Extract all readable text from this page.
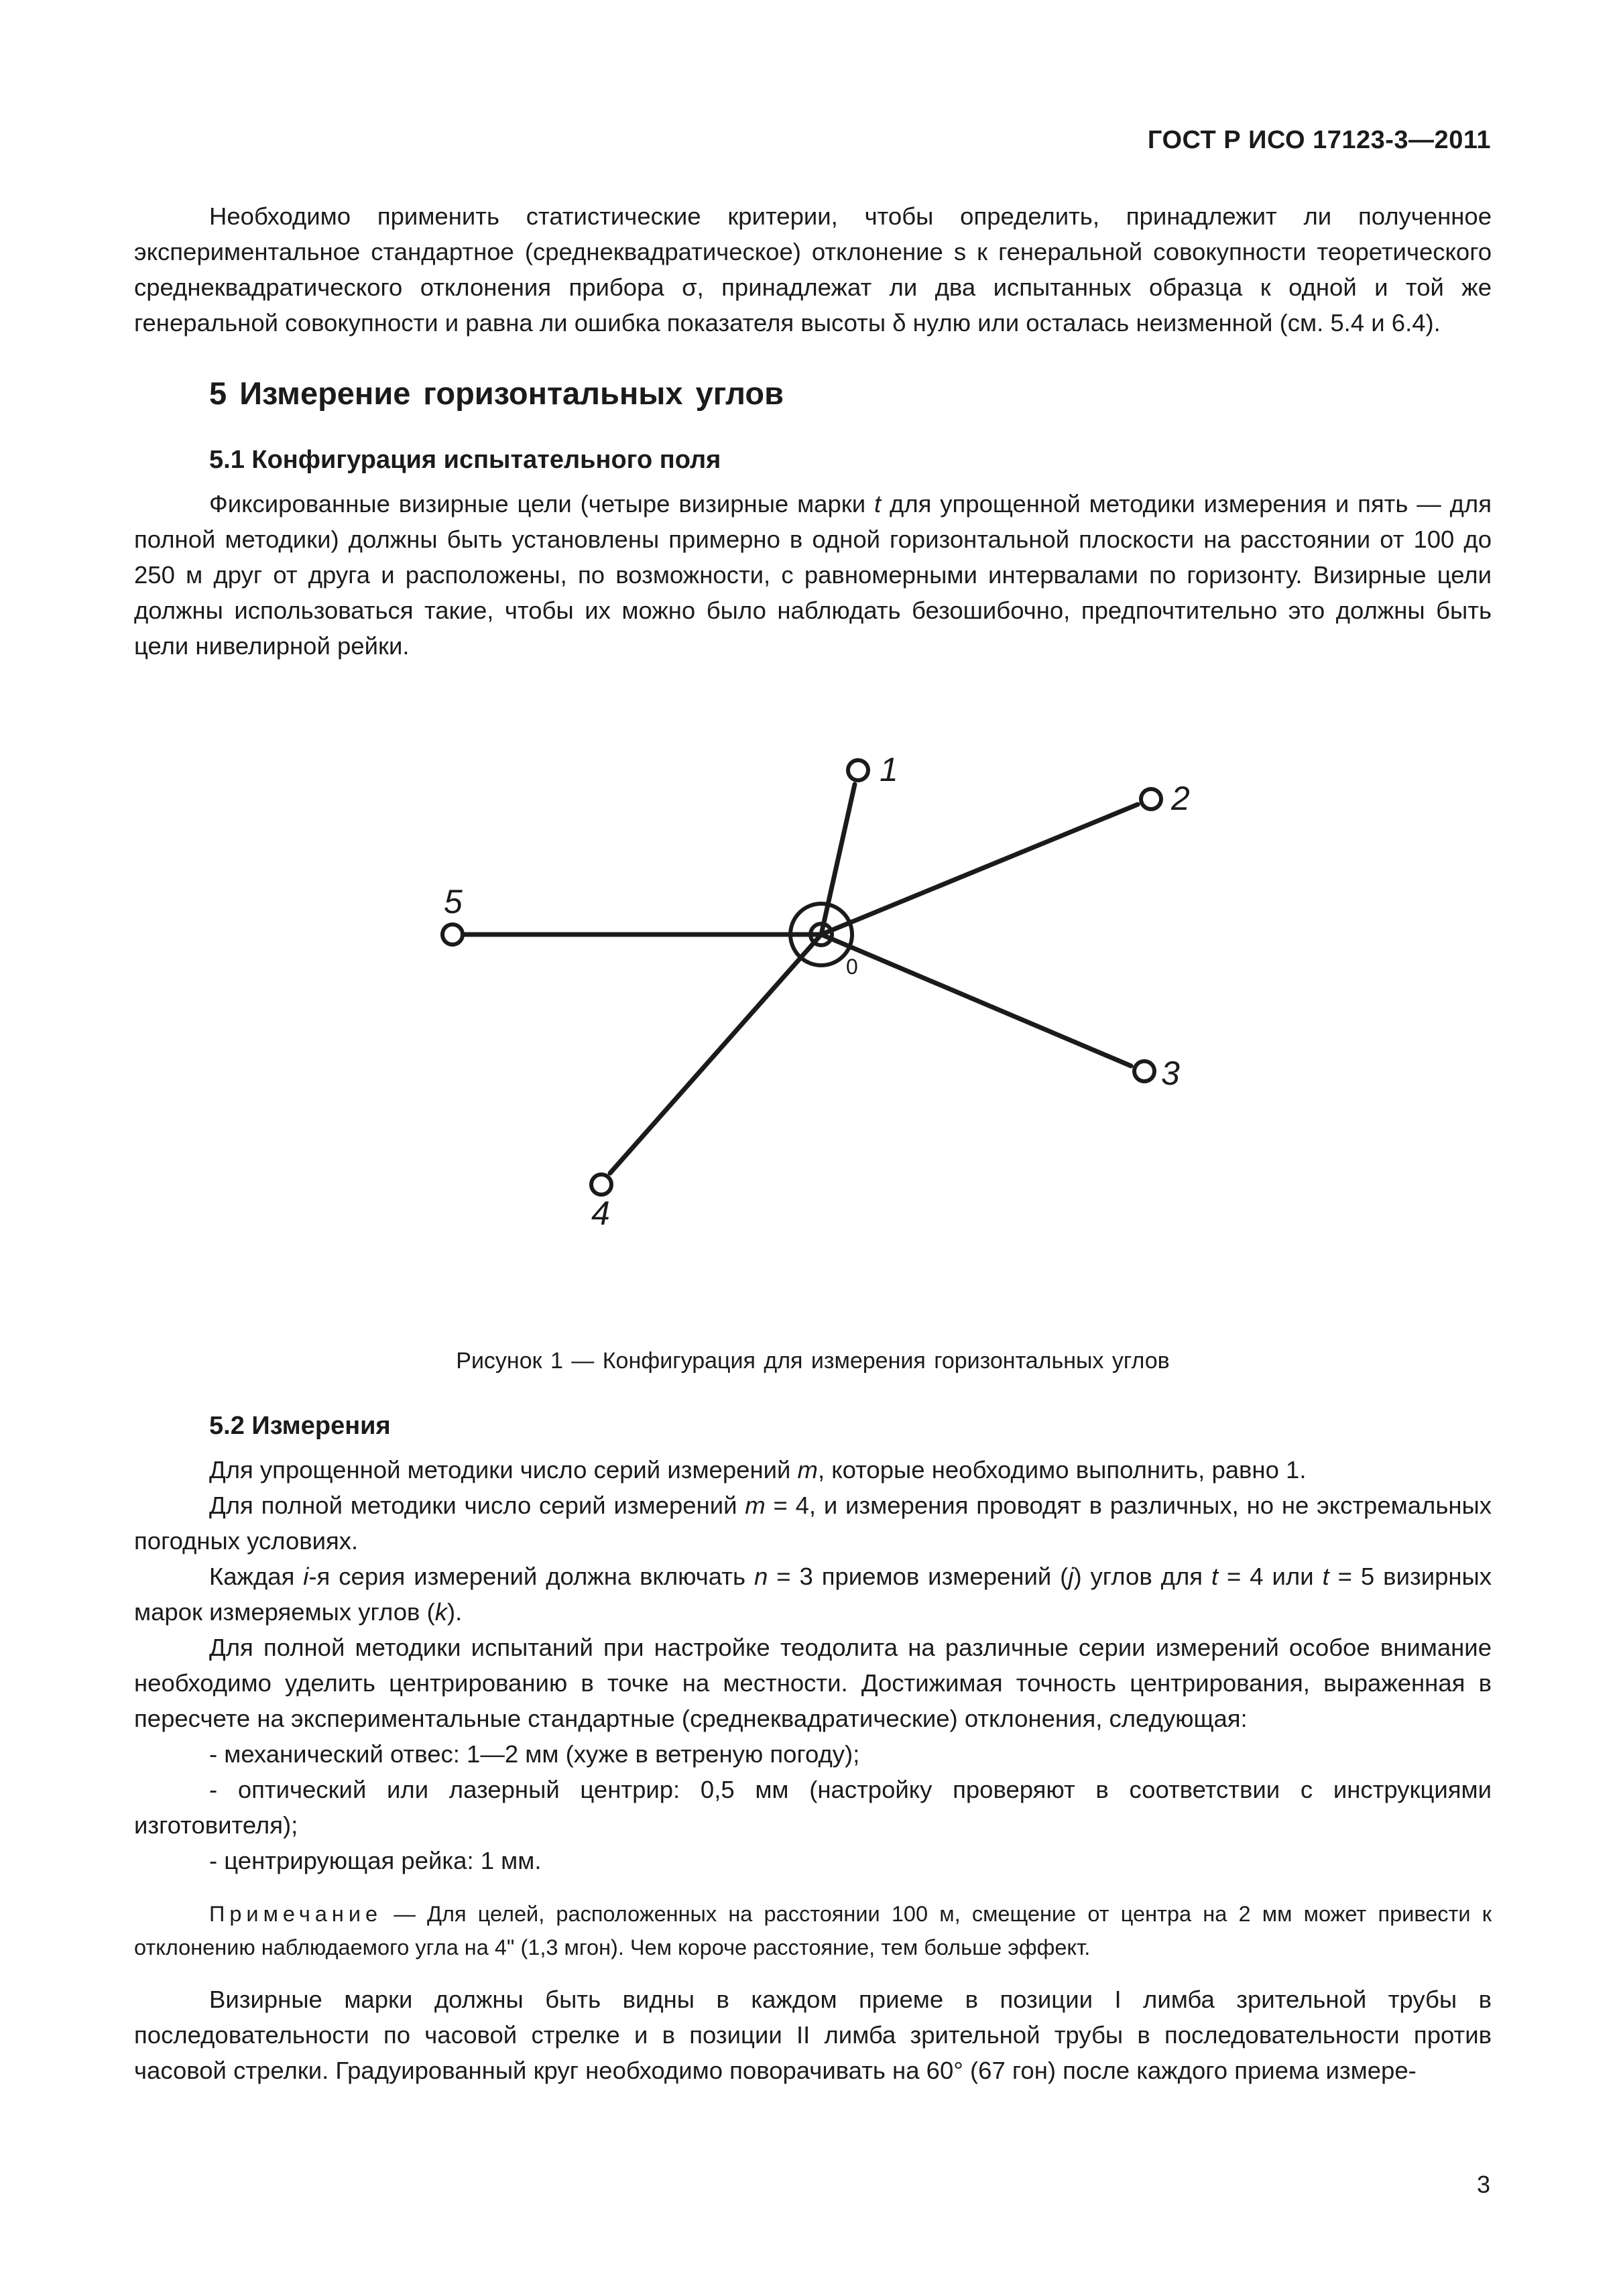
ГОСТ Р ИСО 17123-3—2011

Необходимо применить статистические критерии, чтобы определить, принадлежит ли полученное экспериментальное стандартное (среднеквадратическое) отклонение s к генеральной совокупности теоретического среднеквадратического отклонения прибора σ, принадлежат ли два испытанных образца к одной и той же генеральной совокупности и равна ли ошибка показателя высоты δ нулю или осталась неизменной (см. 5.4 и 6.4).

5 Измерение горизонтальных углов
5.1 Конфигурация испытательного поля

Фиксированные визирные цели (четыре визирные марки t для упрощенной методики измерения и пять — для полной методики) должны быть установлены примерно в одной горизонтальной плоскости на расстоянии от 100 до 250 м друг от друга и расположены, по возможности, с равномерными интервалами по горизонту. Визирные цели должны использоваться такие, чтобы их можно было наблюдать безошибочно, предпочтительно это должны быть цели нивелирной рейки.

1
2
3
4
5
0

Рисунок 1 — Конфигурация для измерения горизонтальных углов

5.2 Измерения

Для упрощенной методики число серий измерений m, которые необходимо выполнить, равно 1.

Для полной методики число серий измерений m = 4, и измерения проводят в различных, но не экстремальных погодных условиях.

Каждая i-я серия измерений должна включать n = 3 приемов измерений (j) углов для t = 4 или t = 5 визирных марок измеряемых углов (k).

Для полной методики испытаний при настройке теодолита на различные серии измерений особое внимание необходимо уделить центрированию в точке на местности. Достижимая точность центрирования, выраженная в пересчете на экспериментальные стандартные (среднеквадратические) отклонения, следующая:

- механический отвес: 1—2 мм (хуже в ветреную погоду);

- оптический или лазерный центрир: 0,5 мм (настройку проверяют в соответствии с инструкциями изготовителя);

- центрирующая рейка: 1 мм.

Примечание — Для целей, расположенных на расстоянии 100 м, смещение от центра на 2 мм может привести к отклонению наблюдаемого угла на 4" (1,3 мгон). Чем короче расстояние, тем больше эффект.

Визирные марки должны быть видны в каждом приеме в позиции I лимба зрительной трубы в последовательности по часовой стрелке и в позиции II лимба зрительной трубы в последовательности против часовой стрелки. Градуированный круг необходимо поворачивать на 60° (67 гон) после каждого приема измере-

3
